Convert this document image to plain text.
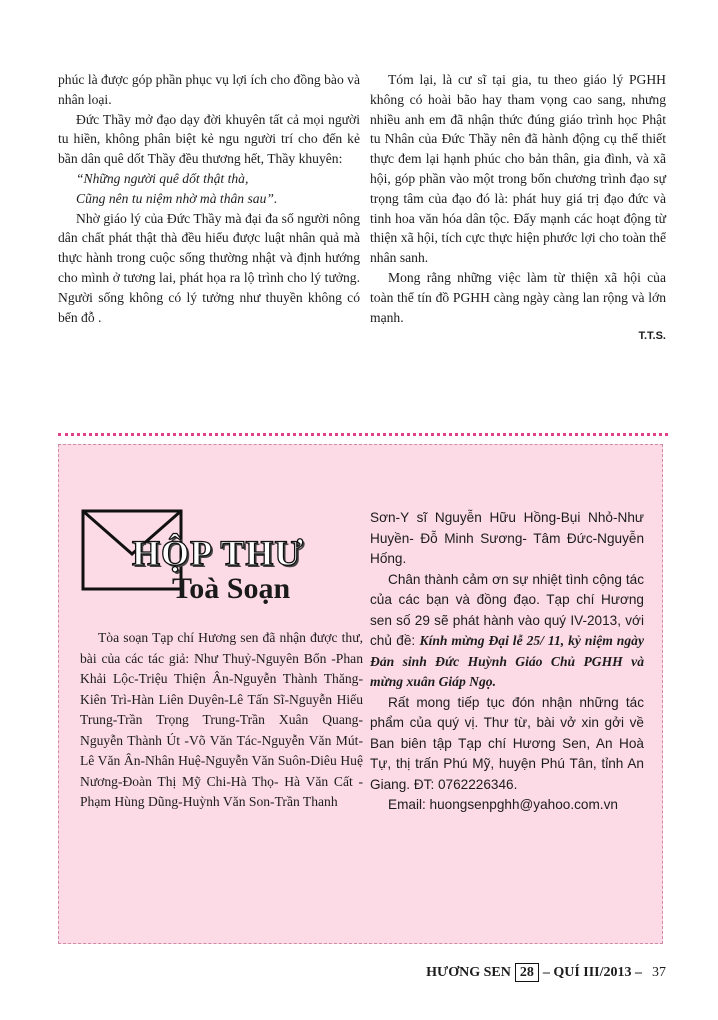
phúc là được góp phần phục vụ lợi ích cho đồng bào và nhân loại.

Đức Thầy mở đạo dạy đời khuyên tất cả mọi người tu hiền, không phân biệt kẻ ngu người trí cho đến kẻ bần dân quê dốt Thầy đều thương hết, Thầy khuyên:

“Những người quê dốt thật thà,

Cũng nên tu niệm nhờ mà thân sau”.

Nhờ giáo lý của Đức Thầy mà đại đa số người nông dân chất phát thật thà đều hiểu được luật nhân quả mà thực hành trong cuộc sống thường nhật và định hướng cho mình ở tương lai, phát họa ra lộ trình cho lý tưởng. Người sống không có lý tưởng như thuyền không có bến đỗ .

Tóm lại, là cư sĩ tại gia, tu theo giáo lý PGHH không có hoài bão hay tham vọng cao sang, nhưng nhiều anh em đã nhận thức đúng giáo trình học Phật tu Nhân của Đức Thầy nên đã hành động cụ thể thiết thực đem lại hạnh phúc cho bản thân, gia đình, và xã hội, góp phần vào một trong bốn chương trình đạo sự trọng tâm của đạo đó là: phát huy giá trị đạo đức và tinh hoa văn hóa dân tộc. Đẩy mạnh các hoạt động từ thiện xã hội, tích cực thực hiện phước lợi cho toàn thể nhân sanh.

Mong rằng những việc làm từ thiện xã hội của toàn thể tín đồ PGHH càng ngày càng lan rộng và lớn mạnh.

T.T.S.

HỘP THƯ
Toà Soạn

Tòa soạn Tạp chí Hương sen đã nhận được thư, bài của các tác giả: Như Thuỷ-Nguyên Bổn -Phan Khải Lộc-Triệu Thiện Ân-Nguyễn Thành Thăng-Kiên Trì-Hàn Liên Duyên-Lê Tấn Sĩ-Nguyễn Hiếu Trung-Trần Trọng Trung-Trần Xuân Quang-Nguyễn Thành Út -Võ Văn Tác-Nguyễn Văn Mút- Lê Văn Ân-Nhân Huệ-Nguyễn Văn Suôn-Diêu Huệ Nương-Đoàn Thị Mỹ Chi-Hà Thọ- Hà Văn Cất - Phạm Hùng Dũng-Huỳnh Văn Son-Trần Thanh

Sơn-Y sĩ Nguyễn Hữu Hồng-Bụi Nhỏ-Như Huyền- Đỗ Minh Sương- Tâm Đức-Nguyễn Hống.

Chân thành cảm ơn sự nhiệt tình cộng tác của các bạn và đồng đạo. Tạp chí Hương sen số 29 sẽ phát hành vào quý IV-2013, với chủ đề: Kính mừng Đại lễ 25/ 11, kỷ niệm ngày Đản sinh Đức Huỳnh Giáo Chủ PGHH và mừng xuân Giáp Ngọ.

Rất mong tiếp tục đón nhận những tác phẩm của quý vị. Thư từ, bài vở xin gởi về Ban biên tập Tạp chí Hương Sen, An Hoà Tự, thị trấn Phú Mỹ, huyện Phú Tân, tỉnh An Giang. ĐT: 0762226346.

Email: huongsenpghh@yahoo.com.vn

HƯƠNG SEN 28 – QUÍ III/2013 – 37
